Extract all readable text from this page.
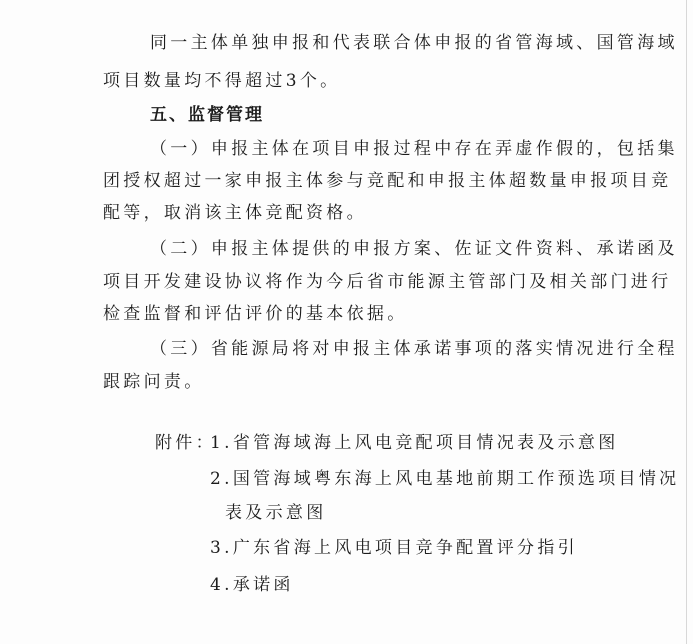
同一主体单独申报和代表联合体申报的省管海域、国管海域
项目数量均不得超过3个。
五、监督管理
（一）申报主体在项目申报过程中存在弄虚作假的，包括集
团授权超过一家申报主体参与竞配和申报主体超数量申报项目竞
配等，取消该主体竞配资格。
（二）申报主体提供的申报方案、佐证文件资料、承诺函及
项目开发建设协议将作为今后省市能源主管部门及相关部门进行
检查监督和评估评价的基本依据。
（三）省能源局将对申报主体承诺事项的落实情况进行全程
跟踪问责。
附件：
1.省管海域海上风电竞配项目情况表及示意图
2.国管海域粤东海上风电基地前期工作预选项目情况
表及示意图
3.广东省海上风电项目竞争配置评分指引
4.承诺函
